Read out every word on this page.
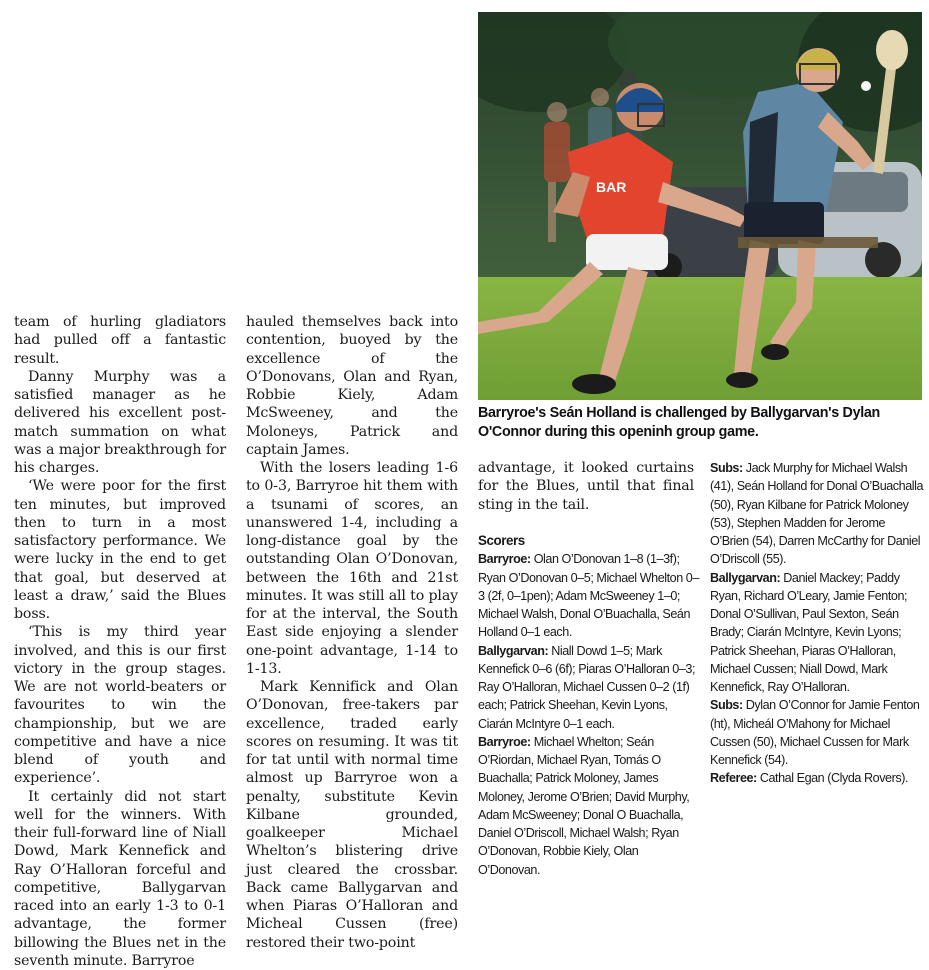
team of hurling gladiators had pulled off a fantastic result.

Danny Murphy was a satisfied manager as he delivered his excellent post-match summation on what was a major breakthrough for his charges.

‘We were poor for the first ten minutes, but improved then to turn in a most satisfactory performance. We were lucky in the end to get that goal, but deserved at least a draw,’ said the Blues boss.

‘This is my third year involved, and this is our first victory in the group stages. We are not world-beaters or favourites to win the championship, but we are competitive and have a nice blend of youth and experience’.

It certainly did not start well for the winners. With their full-forward line of Niall Dowd, Mark Kennefick and Ray O’Halloran forceful and competitive, Ballygarvan raced into an early 1-3 to 0-1 advantage, the former billowing the Blues net in the seventh minute. Barryroe

hauled themselves back into contention, buoyed by the excellence of the O’Donovans, Olan and Ryan, Robbie Kiely, Adam McSweeney, and the Moloneys, Patrick and captain James.

With the losers leading 1-6 to 0-3, Barryroe hit them with a tsunami of scores, an unanswered 1-4, including a long-distance goal by the outstanding Olan O’Donovan, between the 16th and 21st minutes. It was still all to play for at the interval, the South East side enjoying a slender one-point advantage, 1-14 to 1-13.

Mark Kennifick and Olan O’Donovan, free-takers par excellence, traded early scores on resuming. It was tit for tat until with normal time almost up Barryroe won a penalty, substitute Kevin Kilbane grounded, goalkeeper Michael Whelton’s blistering drive just cleared the crossbar. Back came Ballygarvan and when Piaras O’Halloran and Micheal Cussen (free) restored their two-point

BAR
Barryroe's Seán Holland is challenged by Ballygarvan's Dylan O'Connor during this openinh group game.

advantage, it looked curtains for the Blues, until that final sting in the tail.

Scorers
Barryroe: Olan O’Donovan 1–8 (1–3f); Ryan O’Donovan 0–5; Michael Whelton 0–3 (2f, 0–1pen); Adam McSweeney 1–0; Michael Walsh, Donal O’Buachalla, Seán Holland 0–1 each.
Ballygarvan: Niall Dowd 1–5; Mark Kennefick 0–6 (6f); Piaras O’Halloran 0–3; Ray O’Halloran, Michael Cussen 0–2 (1f) each; Patrick Sheehan, Kevin Lyons, Ciarán McIntyre 0–1 each.
Barryroe: Michael Whelton; Seán O’Riordan, Michael Ryan, Tomás O Buachalla; Patrick Moloney, James Moloney, Jerome O’Brien; David Murphy, Adam McSweeney; Donal O Buachalla, Daniel O’Driscoll, Michael Walsh; Ryan O’Donovan, Robbie Kiely, Olan O’Donovan.
Subs: Jack Murphy for Michael Walsh (41), Seán Holland for Donal O’Buachalla (50), Ryan Kilbane for Patrick Moloney (53), Stephen Madden for Jerome O’Brien (54), Darren McCarthy for Daniel O’Driscoll (55).
Ballygarvan: Daniel Mackey; Paddy Ryan, Richard O’Leary, Jamie Fenton; Donal O’Sullivan, Paul Sexton, Seán Brady; Ciarán McIntyre, Kevin Lyons; Patrick Sheehan, Piaras O’Halloran, Michael Cussen; Niall Dowd, Mark Kennefick, Ray O’Halloran.
Subs: Dylan O’Connor for Jamie Fenton (ht), Micheál O’Mahony for Michael Cussen (50), Michael Cussen for Mark Kennefick (54).
Referee: Cathal Egan (Clyda Rovers).
